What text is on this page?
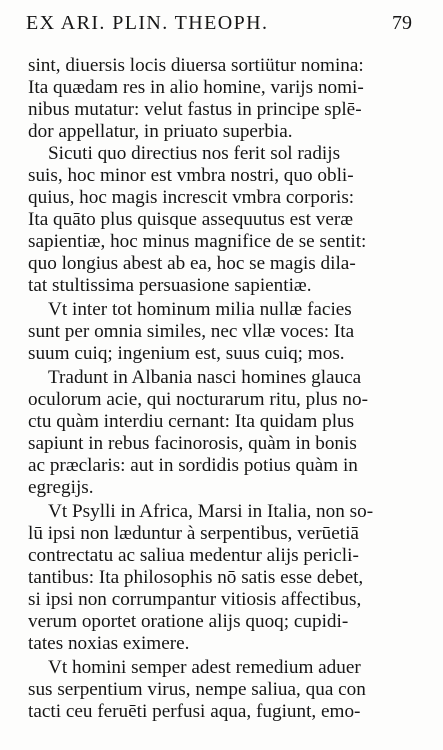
EX ARI. PLIN. THEOPH.	79
sint, diuersis locis diuersa sortiütur nomina:
Ita quædam res in alio homine, varijs nomi-
nibus mutatur: velut fastus in principe splē-
dor appellatur, in priuato superbia.
Sicuti quo directius nos ferit sol radijs
suis, hoc minor est vmbra nostri, quo obli-
quius, hoc magis increscit vmbra corporis:
Ita quāto plus quisque assequutus est veræ
sapientiæ, hoc minus magnifice de se sentit:
quo longius abest ab ea, hoc se magis dila-
tat stultissima persuasione sapientiæ.
Vt inter tot hominum milia nullæ facies
sunt per omnia similes, nec vllæ voces: Ita
suum cuiq; ingenium est, suus cuiq; mos.
Tradunt in Albania nasci homines glauca
oculorum acie, qui nocturarum ritu, plus no-
ctu quàm interdiu cernant: Ita quidam plus
sapiunt in rebus facinorosis, quàm in bonis
ac præclaris: aut in sordidis potius quàm in
egregijs.
Vt Psylli in Africa, Marsi in Italia, non so-
lū ipsi non læduntur à serpentibus, verūetiā
contrectatu ac saliua medentur alijs pericli-
tantibus: Ita philosophis nō satis esse debet,
si ipsi non corrumpantur vitiosis affectibus,
verum oportet oratione alijs quoq; cupidi-
tates noxias eximere.
Vt homini semper adest remedium aduer
sus serpentium virus, nempe saliua, qua con
tacti ceu feruēti perfusi aqua, fugiunt, emo-
